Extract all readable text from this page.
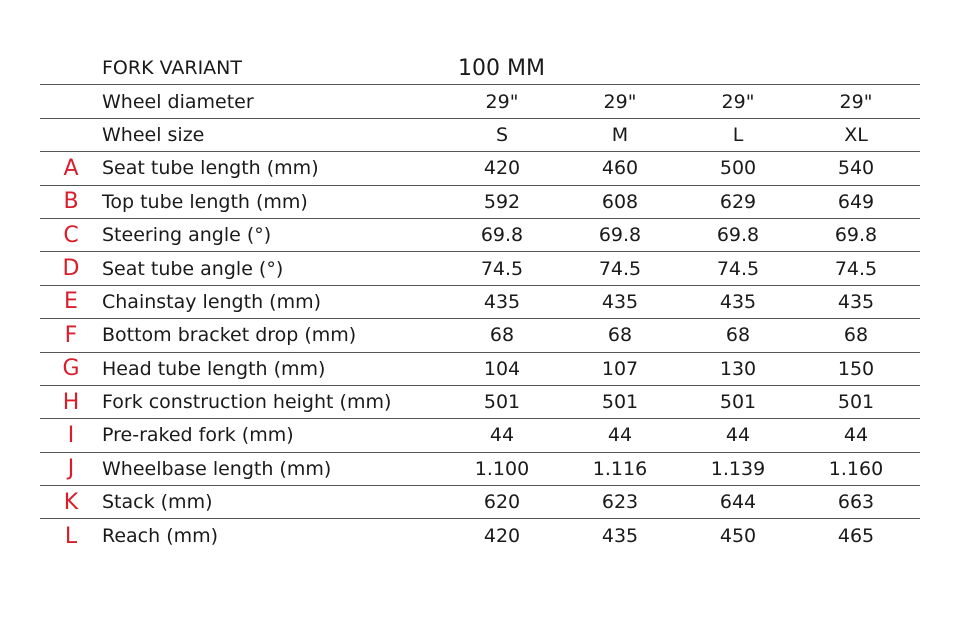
FORK VARIANT	100 MM
Wheel diameter	29"	29"	29"	29"
Wheel size	S	M	L	XL
A Seat tube length (mm)	420	460	500	540
B Top tube length (mm)	592	608	629	649
C Steering angle (°)	69.8	69.8	69.8	69.8
D Seat tube angle (°)	74.5	74.5	74.5	74.5
E	Chainstay length (mm)	435	435	435	435
F	Bottom bracket drop (mm)	68	68	68	68
G Head tube length (mm)	104	107	130	150
H Fork construction height (mm)	501	501	501	501
I	Pre-raked fork (mm)	44	44	44	44
J	Wheelbase length (mm)	1.100	1.116	1.139	1.160
K	Stack (mm)	620	623	644	663
L	Reach (mm)	420	435	450	465
